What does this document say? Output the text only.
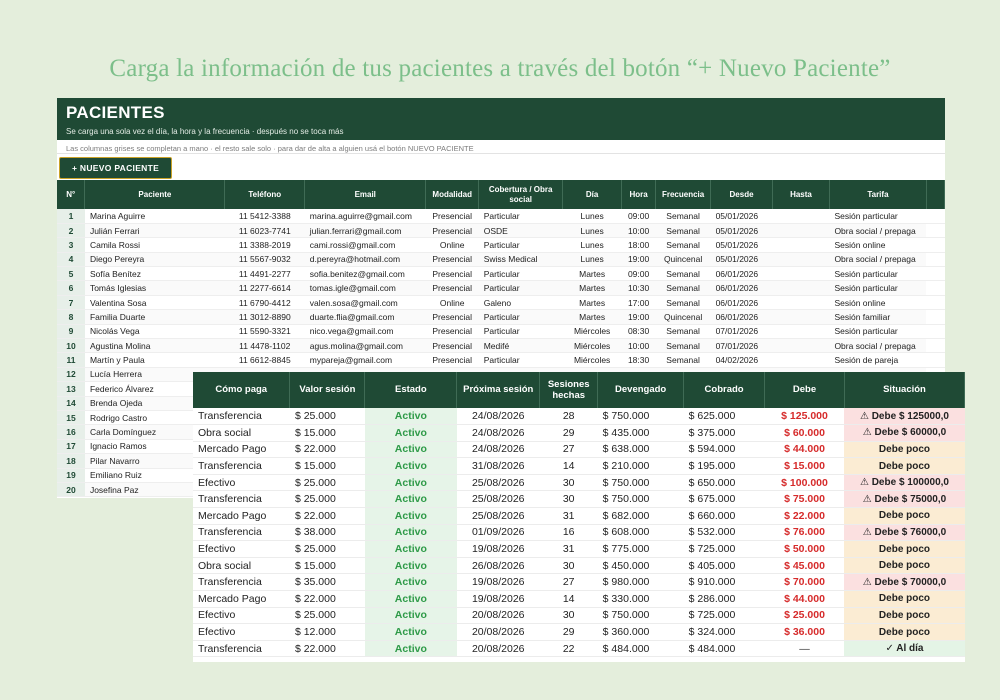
Carga la información de tus pacientes a través del botón “+ Nuevo Paciente”
PACIENTES
Se carga una sola vez el día, la hora y la frecuencia · después no se toca más
Las columnas grises se completan a mano · el resto sale solo · para dar de alta a alguien usá el botón NUEVO PACIENTE
+ NUEVO PACIENTE
N°	Paciente	Teléfono	Email	Modalidad	Cobertura / Obra social	Día	Hora	Frecuencia	Desde	Hasta	Tarifa	
1	Marina Aguirre	11 5412-3388	marina.aguirre@gmail.com	Presencial	Particular	Lunes	09:00	Semanal	05/01/2026		Sesión particular	
2	Julián Ferrari	11 6023-7741	julian.ferrari@gmail.com	Presencial	OSDE	Lunes	10:00	Semanal	05/01/2026		Obra social / prepaga	
3	Camila Rossi	11 3388-2019	cami.rossi@gmail.com	Online	Particular	Lunes	18:00	Semanal	05/01/2026		Sesión online	
4	Diego Pereyra	11 5567-9032	d.pereyra@hotmail.com	Presencial	Swiss Medical	Lunes	19:00	Quincenal	05/01/2026		Obra social / prepaga	
5	Sofía Benítez	11 4491-2277	sofia.benitez@gmail.com	Presencial	Particular	Martes	09:00	Semanal	06/01/2026		Sesión particular	
6	Tomás Iglesias	11 2277-6614	tomas.igle@gmail.com	Presencial	Particular	Martes	10:30	Semanal	06/01/2026		Sesión particular	
7	Valentina Sosa	11 6790-4412	valen.sosa@gmail.com	Online	Galeno	Martes	17:00	Semanal	06/01/2026		Sesión online	
8	Familia Duarte	11 3012-8890	duarte.flia@gmail.com	Presencial	Particular	Martes	19:00	Quincenal	06/01/2026		Sesión familiar	
9	Nicolás Vega	11 5590-3321	nico.vega@gmail.com	Presencial	Particular	Miércoles	08:30	Semanal	07/01/2026		Sesión particular	
10	Agustina Molina	11 4478-1102	agus.molina@gmail.com	Presencial	Medifé	Miércoles	10:00	Semanal	07/01/2026		Obra social / prepaga	
11	Martín y Paula	11 6612-8845	mypareja@gmail.com	Presencial	Particular	Miércoles	18:30	Semanal	04/02/2026		Sesión de pareja	
12	Lucía Herrera											
13	Federico Álvarez											
14	Brenda Ojeda											
15	Rodrigo Castro											
16	Carla Domínguez											
17	Ignacio Ramos											
18	Pilar Navarro											
19	Emiliano Ruiz											
20	Josefina Paz											
Cómo paga	Valor sesión	Estado	Próxima sesión	Sesiones hechas	Devengado	Cobrado	Debe	Situación
Transferencia	$ 25.000	Activo	24/08/2026	28	$ 750.000	$ 625.000	$ 125.000	⚠ Debe $ 125000,0
Obra social	$ 15.000	Activo	24/08/2026	29	$ 435.000	$ 375.000	$ 60.000	⚠ Debe $ 60000,0
Mercado Pago	$ 22.000	Activo	24/08/2026	27	$ 638.000	$ 594.000	$ 44.000	Debe poco
Transferencia	$ 15.000	Activo	31/08/2026	14	$ 210.000	$ 195.000	$ 15.000	Debe poco
Efectivo	$ 25.000	Activo	25/08/2026	30	$ 750.000	$ 650.000	$ 100.000	⚠ Debe $ 100000,0
Transferencia	$ 25.000	Activo	25/08/2026	30	$ 750.000	$ 675.000	$ 75.000	⚠ Debe $ 75000,0
Mercado Pago	$ 22.000	Activo	25/08/2026	31	$ 682.000	$ 660.000	$ 22.000	Debe poco
Transferencia	$ 38.000	Activo	01/09/2026	16	$ 608.000	$ 532.000	$ 76.000	⚠ Debe $ 76000,0
Efectivo	$ 25.000	Activo	19/08/2026	31	$ 775.000	$ 725.000	$ 50.000	Debe poco
Obra social	$ 15.000	Activo	26/08/2026	30	$ 450.000	$ 405.000	$ 45.000	Debe poco
Transferencia	$ 35.000	Activo	19/08/2026	27	$ 980.000	$ 910.000	$ 70.000	⚠ Debe $ 70000,0
Mercado Pago	$ 22.000	Activo	19/08/2026	14	$ 330.000	$ 286.000	$ 44.000	Debe poco
Efectivo	$ 25.000	Activo	20/08/2026	30	$ 750.000	$ 725.000	$ 25.000	Debe poco
Efectivo	$ 12.000	Activo	20/08/2026	29	$ 360.000	$ 324.000	$ 36.000	Debe poco
Transferencia	$ 22.000	Activo	20/08/2026	22	$ 484.000	$ 484.000	—	✓ Al día
